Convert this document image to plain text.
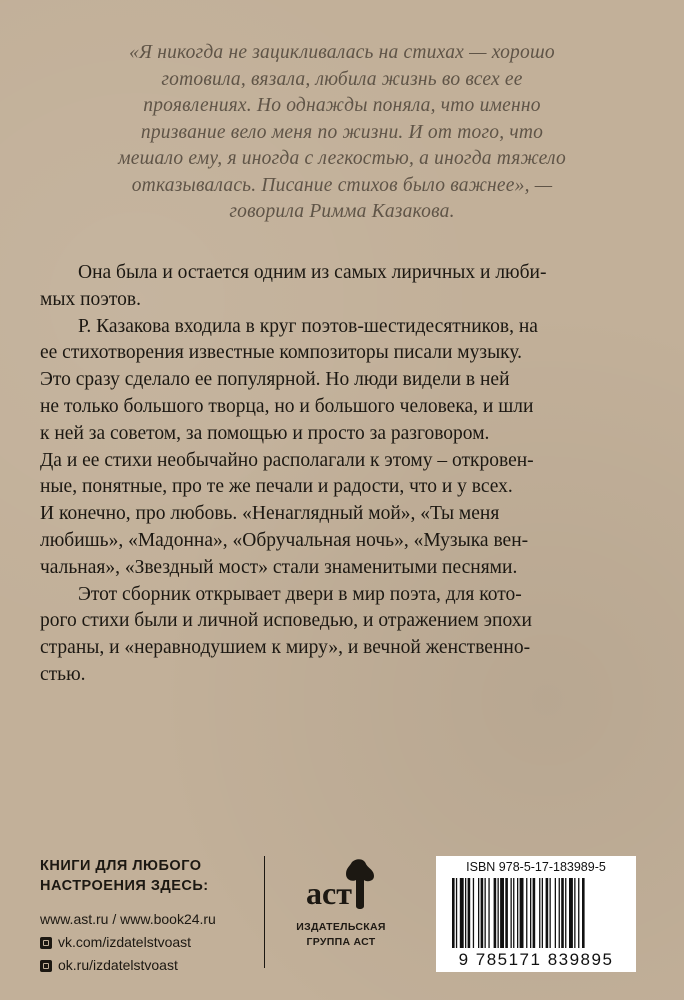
«Я никогда не зацикливалась на стихах — хорошо
готовила, вязала, любила жизнь во всех ее
проявлениях. Но однажды поняла, что именно
призвание вело меня по жизни. И от того, что
мешало ему, я иногда с легкостью, а иногда тяжело
отказывалась. Писание стихов было важнее», —
говорила Римма Казакова.
Она была и остается одним из самых лиричных и люби-
мых поэтов.
Р. Казакова входила в круг поэтов-шестидесятников, на
ее стихотворения известные композиторы писали музыку.
Это сразу сделало ее популярной. Но люди видели в ней
не только большого творца, но и большого человека, и шли
к ней за советом, за помощью и просто за разговором.
Да и ее стихи необычайно располагали к этому – откровен-
ные, понятные, про те же печали и радости, что и у всех.
И конечно, про любовь. «Ненаглядный мой», «Ты меня
любишь», «Мадонна», «Обручальная ночь», «Музыка вен-
чальная», «Звездный мост» стали знаменитыми песнями.
Этот сборник открывает двери в мир поэта, для кото-
рого стихи были и личной исповедью, и отражением эпохи
страны, и «неравнодушием к миру», и вечной женственно-
стью.
КНИГИ ДЛЯ ЛЮБОГО
НАСТРОЕНИЯ ЗДЕСЬ:
www.ast.ru / www.book24.ru
vk.com/izdatelstvoast
ok.ru/izdatelstvoast
аст
ИЗДАТЕЛЬСКАЯ
ГРУППА АСТ
ISBN 978-5-17-183989-5
9 785171 839895
